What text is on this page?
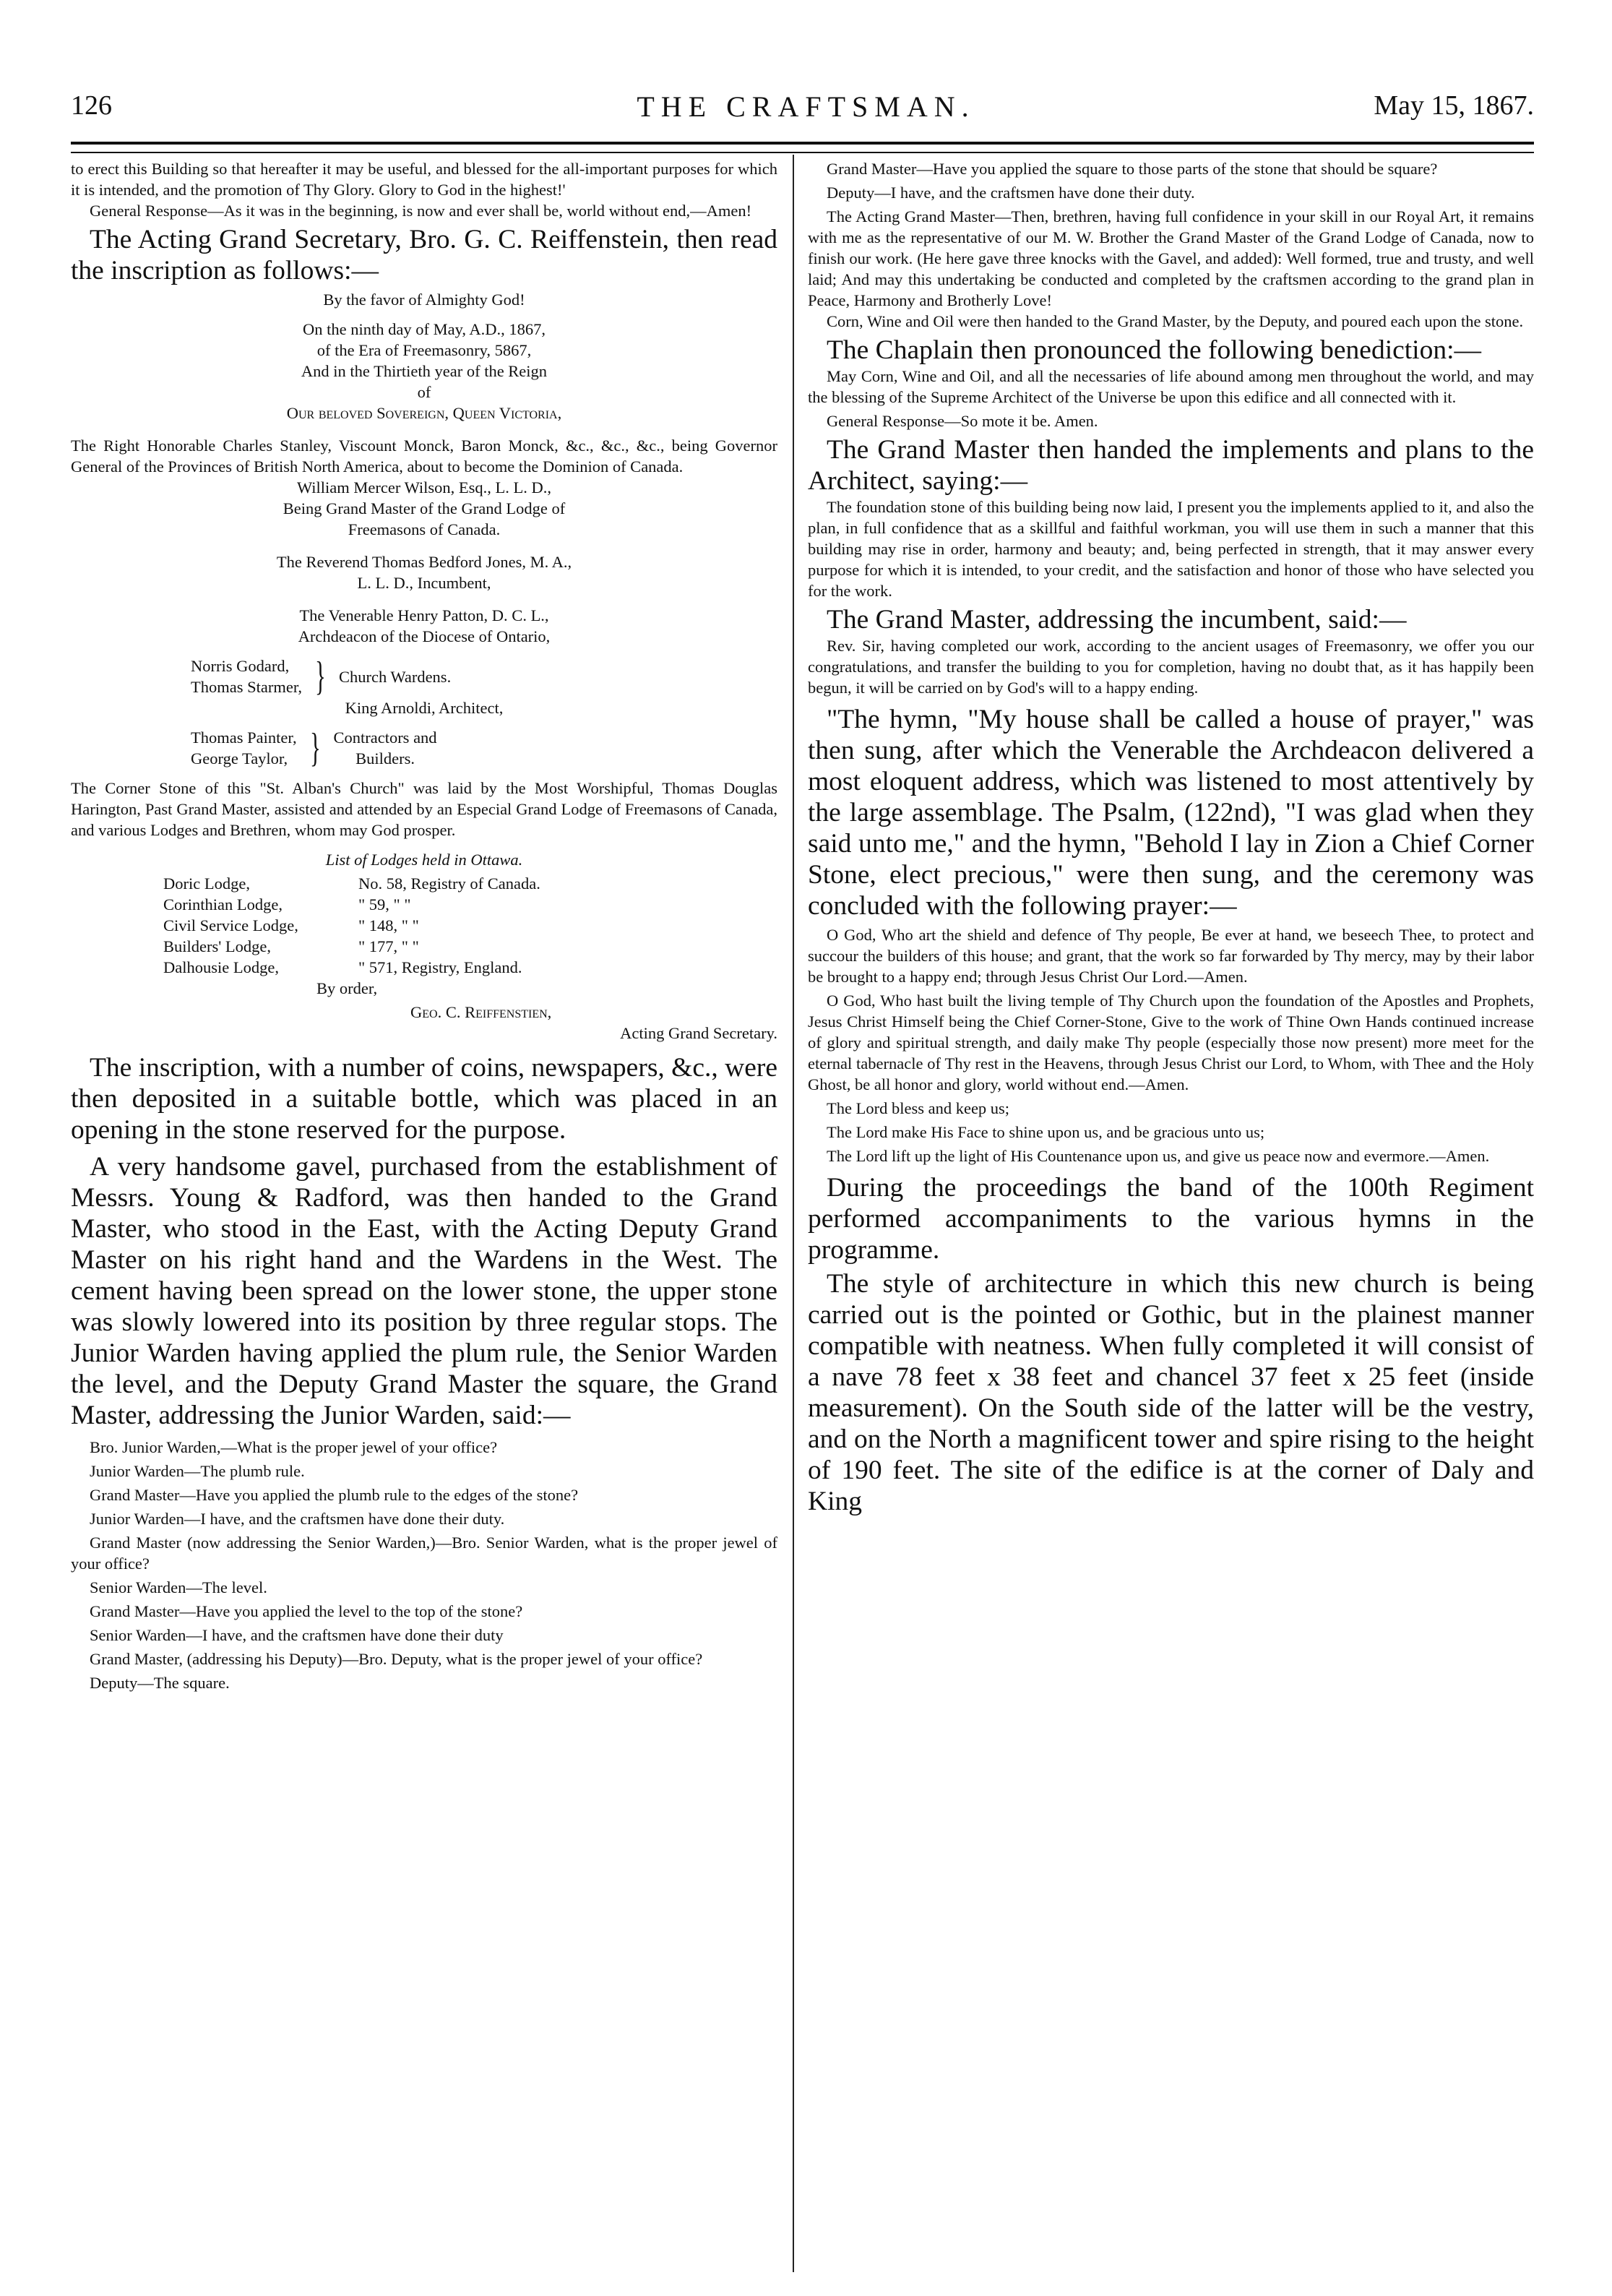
126	THE CRAFTSMAN.	May 15, 1867.

to erect this Building so that hereafter it may be useful, and blessed for the all-important purposes for which it is intended, and the promotion of Thy Glory. Glory to God in the highest!'

General Response—As it was in the beginning, is now and ever shall be, world without end,—Amen!

The Acting Grand Secretary, Bro. G. C. Reiffenstein, then read the inscription as follows:—

By the favor of Almighty God!

On the ninth day of May, A.D., 1867,

of the Era of Freemasonry, 5867,

And in the Thirtieth year of the Reign

of

Our beloved Sovereign, Queen Victoria,

The Right Honorable Charles Stanley, Viscount Monck, Baron Monck, &c., &c., &c., being Governor General of the Provinces of British North America, about to become the Dominion of Canada.

William Mercer Wilson, Esq., L. L. D.,

Being Grand Master of the Grand Lodge of

Freemasons of Canada.

The Reverend Thomas Bedford Jones, M. A.,

L. L. D., Incumbent,

The Venerable Henry Patton, D. C. L.,

Archdeacon of the Diocese of Ontario,

Norris Godard,
Thomas Starmer, } Church Wardens.

King Arnoldi, Architect,

Thomas Painter,
George Taylor, } Contractors and
Builders.

The Corner Stone of this "St. Alban's Church" was laid by the Most Worshipful, Thomas Douglas Harington, Past Grand Master, assisted and attended by an Especial Grand Lodge of Freemasons of Canada, and various Lodges and Brethren, whom may God prosper.

List of Lodges held in Ottawa.

Doric Lodge,	No. 58, Registry of Canada.
Corinthian Lodge,	" 59, " "
Civil Service Lodge,	" 148, " "
Builders' Lodge,	" 177, " "
Dalhousie Lodge,	" 571, Registry, England.

By order,

Geo. C. Reiffenstien,

Acting Grand Secretary.

The inscription, with a number of coins, newspapers, &c., were then deposited in a suitable bottle, which was placed in an opening in the stone reserved for the purpose.

A very handsome gavel, purchased from the establishment of Messrs. Young & Radford, was then handed to the Grand Master, who stood in the East, with the Acting Deputy Grand Master on his right hand and the Wardens in the West. The cement having been spread on the lower stone, the upper stone was slowly lowered into its position by three regular stops. The Junior Warden having applied the plum rule, the Senior Warden the level, and the Deputy Grand Master the square, the Grand Master, addressing the Junior Warden, said:—

Bro. Junior Warden,—What is the proper jewel of your office?

Junior Warden—The plumb rule.

Grand Master—Have you applied the plumb rule to the edges of the stone?

Junior Warden—I have, and the craftsmen have done their duty.

Grand Master (now addressing the Senior Warden,)—Bro. Senior Warden, what is the proper jewel of your office?

Senior Warden—The level.

Grand Master—Have you applied the level to the top of the stone?

Senior Warden—I have, and the craftsmen have done their duty

Grand Master, (addressing his Deputy)—Bro. Deputy, what is the proper jewel of your office?

Deputy—The square.

Grand Master—Have you applied the square to those parts of the stone that should be square?

Deputy—I have, and the craftsmen have done their duty.

The Acting Grand Master—Then, brethren, having full confidence in your skill in our Royal Art, it remains with me as the representative of our M. W. Brother the Grand Master of the Grand Lodge of Canada, now to finish our work. (He here gave three knocks with the Gavel, and added): Well formed, true and trusty, and well laid; And may this undertaking be conducted and completed by the craftsmen according to the grand plan in Peace, Harmony and Brotherly Love!

Corn, Wine and Oil were then handed to the Grand Master, by the Deputy, and poured each upon the stone.

The Chaplain then pronounced the following benediction:—

May Corn, Wine and Oil, and all the necessaries of life abound among men throughout the world, and may the blessing of the Supreme Architect of the Universe be upon this edifice and all connected with it.

General Response—So mote it be. Amen.

The Grand Master then handed the implements and plans to the Architect, saying:—

The foundation stone of this building being now laid, I present you the implements applied to it, and also the plan, in full confidence that as a skillful and faithful workman, you will use them in such a manner that this building may rise in order, harmony and beauty; and, being perfected in strength, that it may answer every purpose for which it is intended, to your credit, and the satisfaction and honor of those who have selected you for the work.

The Grand Master, addressing the incumbent, said:—

Rev. Sir, having completed our work, according to the ancient usages of Freemasonry, we offer you our congratulations, and transfer the building to you for completion, having no doubt that, as it has happily been begun, it will be carried on by God's will to a happy ending.

"The hymn, "My house shall be called a house of prayer," was then sung, after which the Venerable the Archdeacon delivered a most eloquent address, which was listened to most attentively by the large assemblage. The Psalm, (122nd), "I was glad when they said unto me," and the hymn, "Behold I lay in Zion a Chief Corner Stone, elect precious," were then sung, and the ceremony was concluded with the following prayer:—

O God, Who art the shield and defence of Thy people, Be ever at hand, we beseech Thee, to protect and succour the builders of this house; and grant, that the work so far forwarded by Thy mercy, may by their labor be brought to a happy end; through Jesus Christ Our Lord.—Amen.

O God, Who hast built the living temple of Thy Church upon the foundation of the Apostles and Prophets, Jesus Christ Himself being the Chief Corner-Stone, Give to the work of Thine Own Hands continued increase of glory and spiritual strength, and daily make Thy people (especially those now present) more meet for the eternal tabernacle of Thy rest in the Heavens, through Jesus Christ our Lord, to Whom, with Thee and the Holy Ghost, be all honor and glory, world without end.—Amen.

The Lord bless and keep us;

The Lord make His Face to shine upon us, and be gracious unto us;

The Lord lift up the light of His Countenance upon us, and give us peace now and evermore.—Amen.

During the proceedings the band of the 100th Regiment performed accompaniments to the various hymns in the programme.

The style of architecture in which this new church is being carried out is the pointed or Gothic, but in the plainest manner compatible with neatness. When fully completed it will consist of a nave 78 feet x 38 feet and chancel 37 feet x 25 feet (inside measurement). On the South side of the latter will be the vestry, and on the North a magnificent tower and spire rising to the height of 190 feet. The site of the edifice is at the corner of Daly and King
